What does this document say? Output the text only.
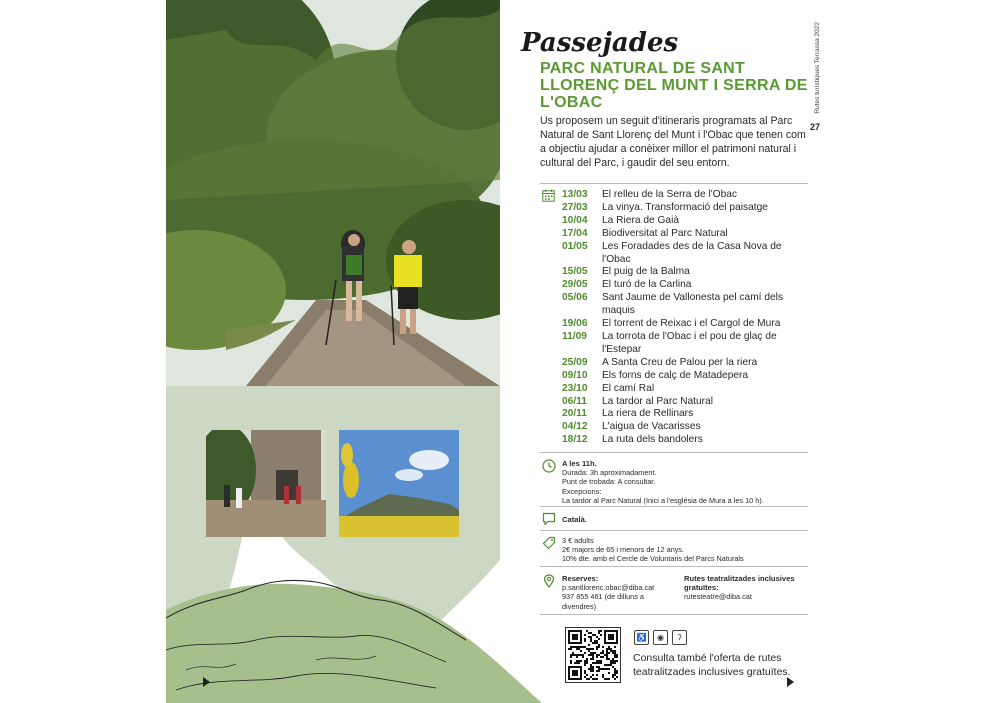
Passejades
PARC NATURAL DE SANT LLORENÇ DEL MUNT I SERRA DE L'OBAC
Us proposem un seguit d'itineraris programats al Parc Natural de Sant Llorenç del Munt i l'Obac que tenen com a objectiu ajudar a conèixer millor el patrimoni natural i cultural del Parc, i gaudir del seu entorn.
Rutes turístiques Terrassa 2022
27
13/03	El relleu de la Serra de l'Obac
27/03	La vinya. Transformació del paisatge
10/04	La Riera de Gaià
17/04	Biodiversitat al Parc Natural
01/05	Les Foradades des de la Casa Nova de l'Obac
15/05	El puig de la Balma
29/05	El turó de la Carlina
05/06	Sant Jaume de Vallonesta pel camí dels maquis
19/06	El torrent de Reixac i el Cargol de Mura
11/09	La torrota de l'Obac i el pou de glaç de l'Estepar
25/09	A Santa Creu de Palou per la riera
09/10	Els forns de calç de Matadepera
23/10	El camí Ral
06/11	La tardor al Parc Natural
20/11	La riera de Rellinars
04/12	L'aigua de Vacarisses
18/12	La ruta dels bandolers
A les 11h.
Durada: 3h aproximadament.
Punt de trobada: A consultar.
Excepcions:
La tardor al Parc Natural (Inici a l'església de Mura a les 10 h).
Català.
3 € adults
2€ majors de 65 i menors de 12 anys.
10% dte. amb el Cercle de Voluntaris del Parcs Naturals
Reserves:
p.santllorenc.obac@diba.cat
937 855 461 (de dilluns a
divendres)
Rutes teatralitzades inclusives
gratuïtes:
rutesteatre@diba.cat
♿	◉	ʔ
Consulta també l'oferta de rutes teatralitzades inclusives gratuïtes.
